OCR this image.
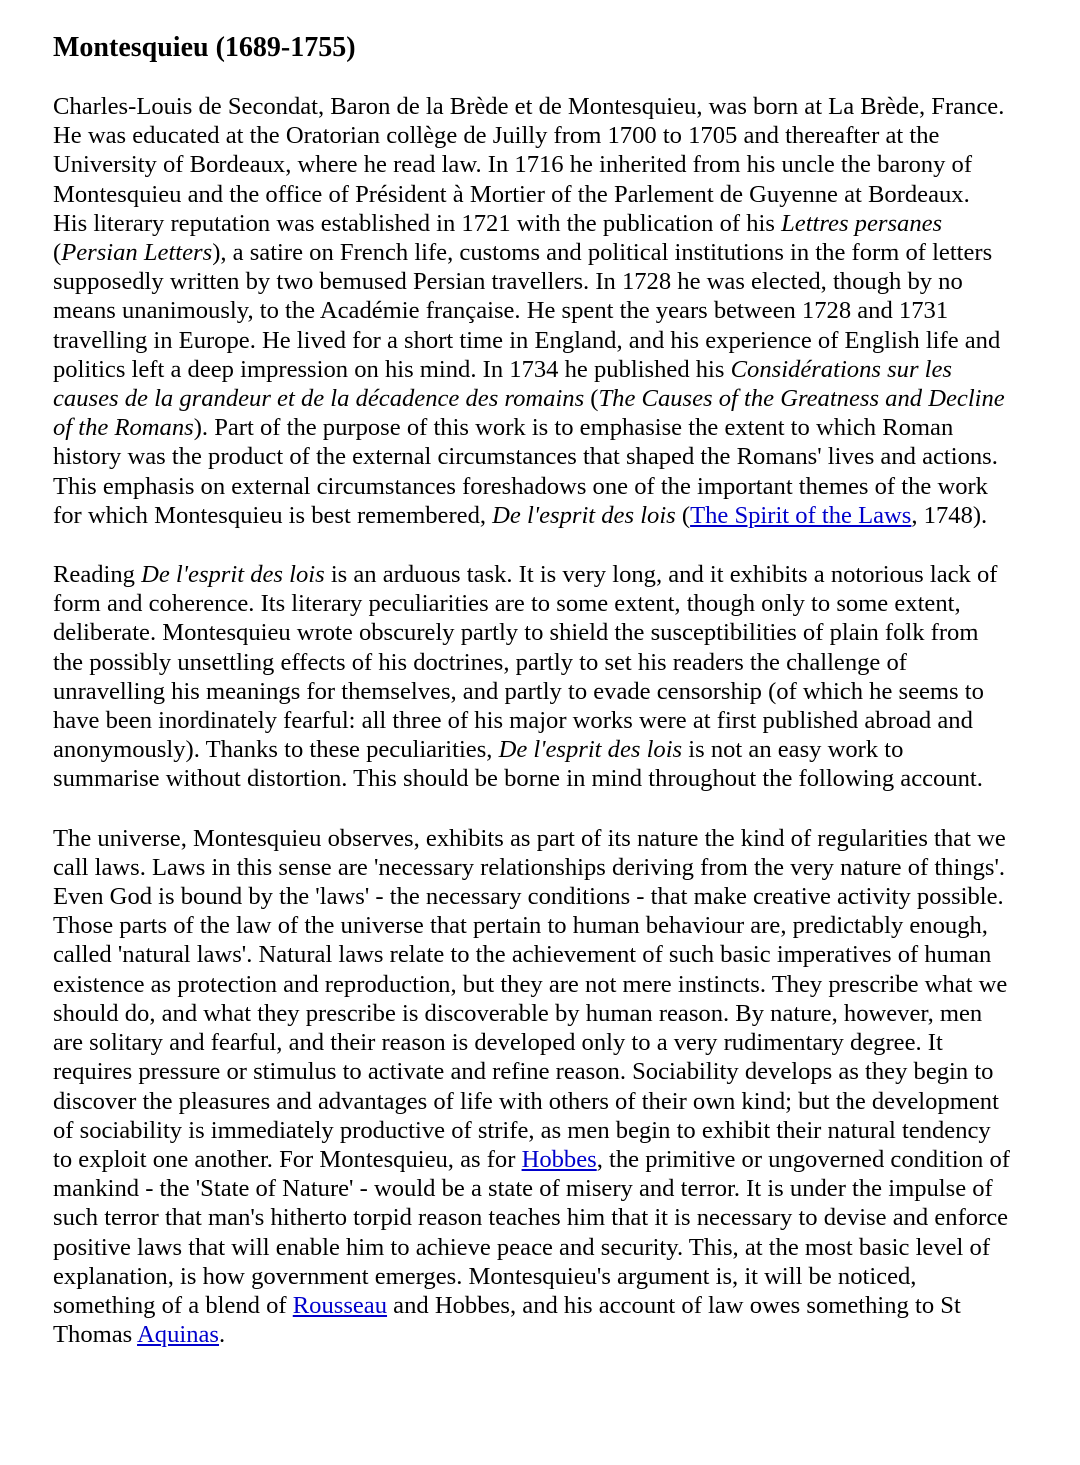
Montesquieu (1689-1755)

Charles-Louis de Secondat, Baron de la Brède et de Montesquieu, was born at La Brède, France. He was educated at the Oratorian collège de Juilly from 1700 to 1705 and thereafter at the University of Bordeaux, where he read law. In 1716 he inherited from his uncle the barony of Montesquieu and the office of Président à Mortier of the Parlement de Guyenne at Bordeaux. His literary reputation was established in 1721 with the publication of his Lettres persanes (Persian Letters), a satire on French life, customs and political institutions in the form of letters supposedly written by two bemused Persian travellers. In 1728 he was elected, though by no means unanimously, to the Académie française. He spent the years between 1728 and 1731 travelling in Europe. He lived for a short time in England, and his experience of English life and politics left a deep impression on his mind. In 1734 he published his Considérations sur les causes de la grandeur et de la décadence des romains (The Causes of the Greatness and Decline of the Romans). Part of the purpose of this work is to emphasise the extent to which Roman history was the product of the external circumstances that shaped the Romans' lives and actions. This emphasis on external circumstances foreshadows one of the important themes of the work for which Montesquieu is best remembered, De l'esprit des lois (The Spirit of the Laws, 1748).

Reading De l'esprit des lois is an arduous task. It is very long, and it exhibits a notorious lack of form and coherence. Its literary peculiarities are to some extent, though only to some extent, deliberate. Montesquieu wrote obscurely partly to shield the susceptibilities of plain folk from the possibly unsettling effects of his doctrines, partly to set his readers the challenge of unravelling his meanings for themselves, and partly to evade censorship (of which he seems to have been inordinately fearful: all three of his major works were at first published abroad and anonymously). Thanks to these peculiarities, De l'esprit des lois is not an easy work to summarise without distortion. This should be borne in mind throughout the following account.

The universe, Montesquieu observes, exhibits as part of its nature the kind of regularities that we call laws. Laws in this sense are 'necessary relationships deriving from the very nature of things'. Even God is bound by the 'laws' - the necessary conditions - that make creative activity possible. Those parts of the law of the universe that pertain to human behaviour are, predictably enough, called 'natural laws'. Natural laws relate to the achievement of such basic imperatives of human existence as protection and reproduction, but they are not mere instincts. They prescribe what we should do, and what they prescribe is discoverable by human reason. By nature, however, men are solitary and fearful, and their reason is developed only to a very rudimentary degree. It requires pressure or stimulus to activate and refine reason. Sociability develops as they begin to discover the pleasures and advantages of life with others of their own kind; but the development of sociability is immediately productive of strife, as men begin to exhibit their natural tendency to exploit one another. For Montesquieu, as for Hobbes, the primitive or ungoverned condition of mankind - the 'State of Nature' - would be a state of misery and terror. It is under the impulse of such terror that man's hitherto torpid reason teaches him that it is necessary to devise and enforce positive laws that will enable him to achieve peace and security. This, at the most basic level of explanation, is how government emerges. Montesquieu's argument is, it will be noticed, something of a blend of Rousseau and Hobbes, and his account of law owes something to St Thomas Aquinas.
